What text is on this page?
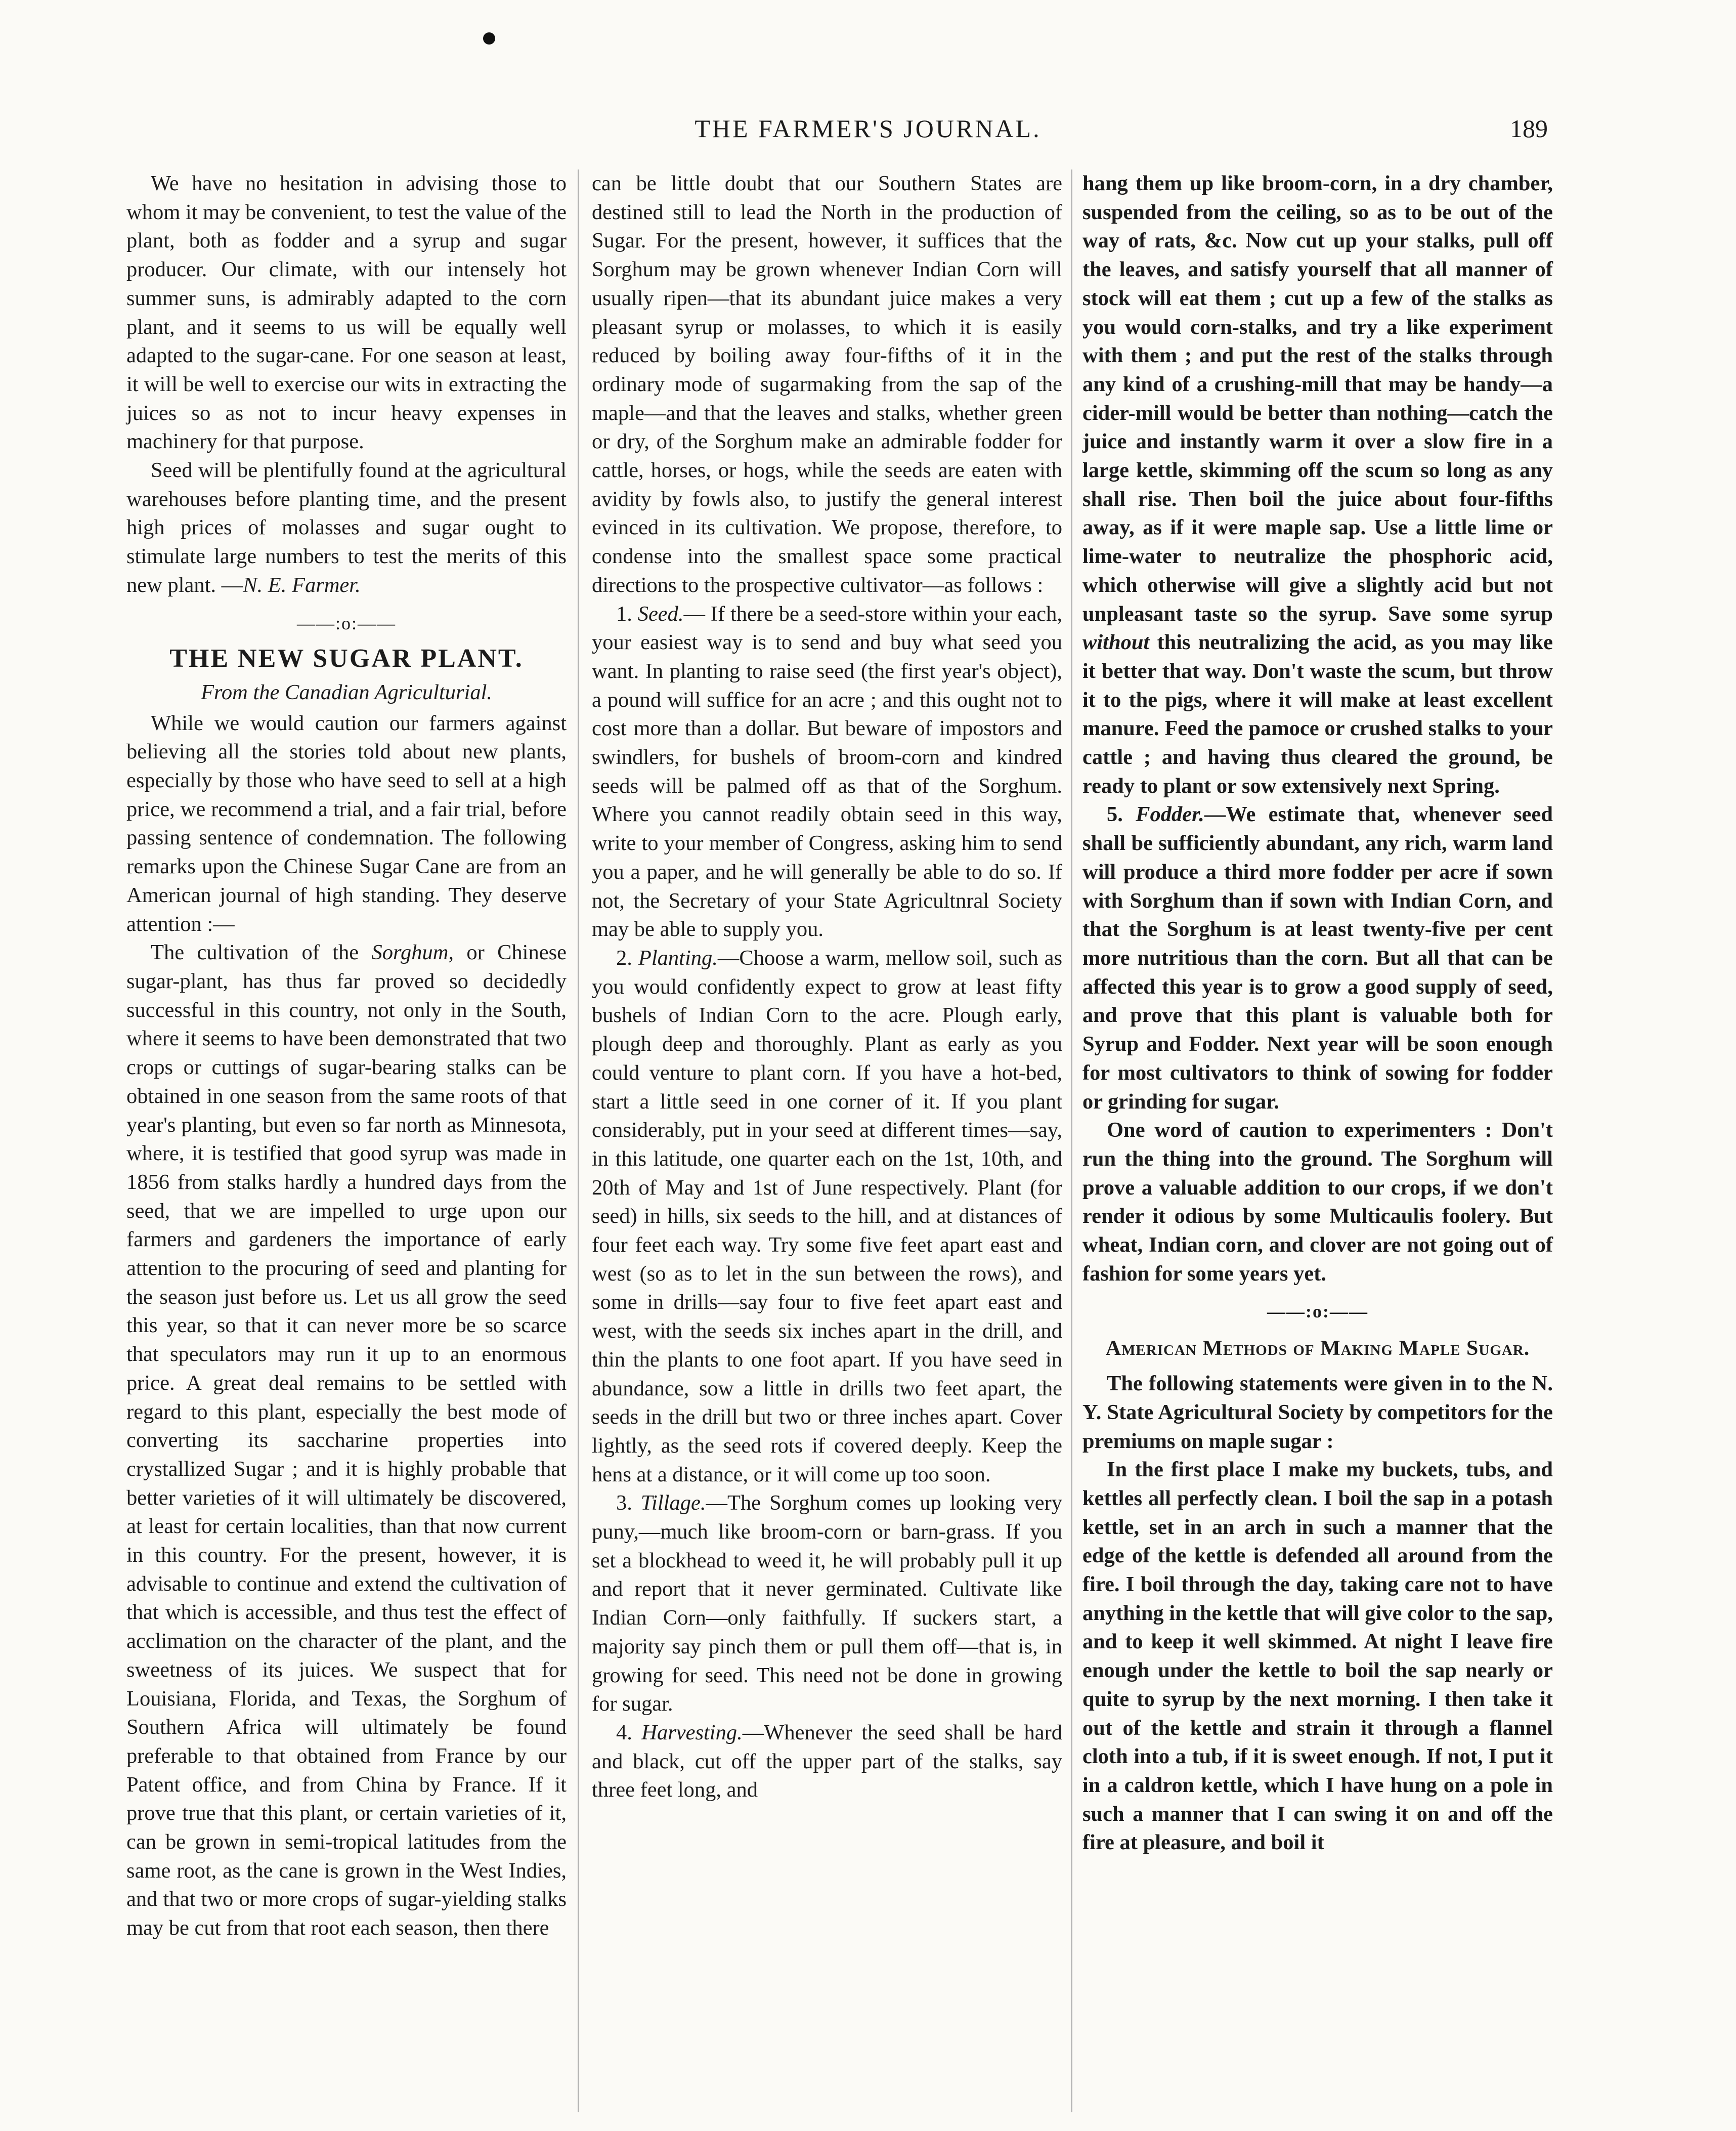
THE FARMER'S JOURNAL.	189

We have no hesitation in advising those to whom it may be convenient, to test the value of the plant, both as fodder and a syrup and sugar producer. Our climate, with our intensely hot summer suns, is admirably adapted to the corn plant, and it seems to us will be equally well adapted to the sugar-cane. For one season at least, it will be well to exercise our wits in extracting the juices so as not to incur heavy expenses in machinery for that purpose.

Seed will be plentifully found at the agricultural warehouses before planting time, and the present high prices of molasses and sugar ought to stimulate large numbers to test the merits of this new plant. —N. E. Farmer.

——:o:——

THE NEW SUGAR PLANT.

From the Canadian Agriculturial.

While we would caution our farmers against believing all the stories told about new plants, especially by those who have seed to sell at a high price, we recommend a trial, and a fair trial, before passing sentence of condemnation. The following remarks upon the Chinese Sugar Cane are from an American journal of high standing. They deserve attention :—

The cultivation of the Sorghum, or Chinese sugar-plant, has thus far proved so decidedly successful in this country, not only in the South, where it seems to have been demonstrated that two crops or cuttings of sugar-bearing stalks can be obtained in one season from the same roots of that year's planting, but even so far north as Minnesota, where, it is testified that good syrup was made in 1856 from stalks hardly a hundred days from the seed, that we are impelled to urge upon our farmers and gardeners the importance of early attention to the procuring of seed and planting for the season just before us. Let us all grow the seed this year, so that it can never more be so scarce that speculators may run it up to an enormous price. A great deal remains to be settled with regard to this plant, especially the best mode of converting its saccharine properties into crystallized Sugar ; and it is highly probable that better varieties of it will ultimately be discovered, at least for certain localities, than that now current in this country. For the present, however, it is advisable to continue and extend the cultivation of that which is accessible, and thus test the effect of acclimation on the character of the plant, and the sweetness of its juices. We suspect that for Louisiana, Florida, and Texas, the Sorghum of Southern Africa will ultimately be found preferable to that obtained from France by our Patent office, and from China by France. If it prove true that this plant, or certain varieties of it, can be grown in semi-tropical latitudes from the same root, as the cane is grown in the West Indies, and that two or more crops of sugar-yielding stalks may be cut from that root each season, then there

can be little doubt that our Southern States are destined still to lead the North in the production of Sugar. For the present, however, it suffices that the Sorghum may be grown whenever Indian Corn will usually ripen—that its abundant juice makes a very pleasant syrup or molasses, to which it is easily reduced by boiling away four-fifths of it in the ordinary mode of sugarmaking from the sap of the maple—and that the leaves and stalks, whether green or dry, of the Sorghum make an admirable fodder for cattle, horses, or hogs, while the seeds are eaten with avidity by fowls also, to justify the general interest evinced in its cultivation. We propose, therefore, to condense into the smallest space some practical directions to the prospective cultivator—as follows :

1. Seed.— If there be a seed-store within your each, your easiest way is to send and buy what seed you want. In planting to raise seed (the first year's object), a pound will suffice for an acre ; and this ought not to cost more than a dollar. But beware of impostors and swindlers, for bushels of broom-corn and kindred seeds will be palmed off as that of the Sorghum. Where you cannot readily obtain seed in this way, write to your member of Congress, asking him to send you a paper, and he will generally be able to do so. If not, the Secretary of your State Agricultnral Society may be able to supply you.

2. Planting.—Choose a warm, mellow soil, such as you would confidently expect to grow at least fifty bushels of Indian Corn to the acre. Plough early, plough deep and thoroughly. Plant as early as you could venture to plant corn. If you have a hot-bed, start a little seed in one corner of it. If you plant considerably, put in your seed at different times—say, in this latitude, one quarter each on the 1st, 10th, and 20th of May and 1st of June respectively. Plant (for seed) in hills, six seeds to the hill, and at distances of four feet each way. Try some five feet apart east and west (so as to let in the sun between the rows), and some in drills—say four to five feet apart east and west, with the seeds six inches apart in the drill, and thin the plants to one foot apart. If you have seed in abundance, sow a little in drills two feet apart, the seeds in the drill but two or three inches apart. Cover lightly, as the seed rots if covered deeply. Keep the hens at a distance, or it will come up too soon.

3. Tillage.—The Sorghum comes up looking very puny,—much like broom-corn or barn-grass. If you set a blockhead to weed it, he will probably pull it up and report that it never germinated. Cultivate like Indian Corn—only faithfully. If suckers start, a majority say pinch them or pull them off—that is, in growing for seed. This need not be done in growing for sugar.

4. Harvesting.—Whenever the seed shall be hard and black, cut off the upper part of the stalks, say three feet long, and

hang them up like broom-corn, in a dry chamber, suspended from the ceiling, so as to be out of the way of rats, &c. Now cut up your stalks, pull off the leaves, and satisfy yourself that all manner of stock will eat them ; cut up a few of the stalks as you would corn-stalks, and try a like experiment with them ; and put the rest of the stalks through any kind of a crushing-mill that may be handy—a cider-mill would be better than nothing—catch the juice and instantly warm it over a slow fire in a large kettle, skimming off the scum so long as any shall rise. Then boil the juice about four-fifths away, as if it were maple sap. Use a little lime or lime-water to neutralize the phosphoric acid, which otherwise will give a slightly acid but not unpleasant taste so the syrup. Save some syrup without this neutralizing the acid, as you may like it better that way. Don't waste the scum, but throw it to the pigs, where it will make at least excellent manure. Feed the pamoce or crushed stalks to your cattle ; and having thus cleared the ground, be ready to plant or sow extensively next Spring.

5. Fodder.—We estimate that, whenever seed shall be sufficiently abundant, any rich, warm land will produce a third more fodder per acre if sown with Sorghum than if sown with Indian Corn, and that the Sorghum is at least twenty-five per cent more nutritious than the corn. But all that can be affected this year is to grow a good supply of seed, and prove that this plant is valuable both for Syrup and Fodder. Next year will be soon enough for most cultivators to think of sowing for fodder or grinding for sugar.

One word of caution to experimenters : Don't run the thing into the ground. The Sorghum will prove a valuable addition to our crops, if we don't render it odious by some Multicaulis foolery. But wheat, Indian corn, and clover are not going out of fashion for some years yet.

——:o:——

American Methods of Making Maple Sugar.

The following statements were given in to the N. Y. State Agricultural Society by competitors for the premiums on maple sugar :

In the first place I make my buckets, tubs, and kettles all perfectly clean. I boil the sap in a potash kettle, set in an arch in such a manner that the edge of the kettle is defended all around from the fire. I boil through the day, taking care not to have anything in the kettle that will give color to the sap, and to keep it well skimmed. At night I leave fire enough under the kettle to boil the sap nearly or quite to syrup by the next morning. I then take it out of the kettle and strain it through a flannel cloth into a tub, if it is sweet enough. If not, I put it in a caldron kettle, which I have hung on a pole in such a manner that I can swing it on and off the fire at pleasure, and boil it
